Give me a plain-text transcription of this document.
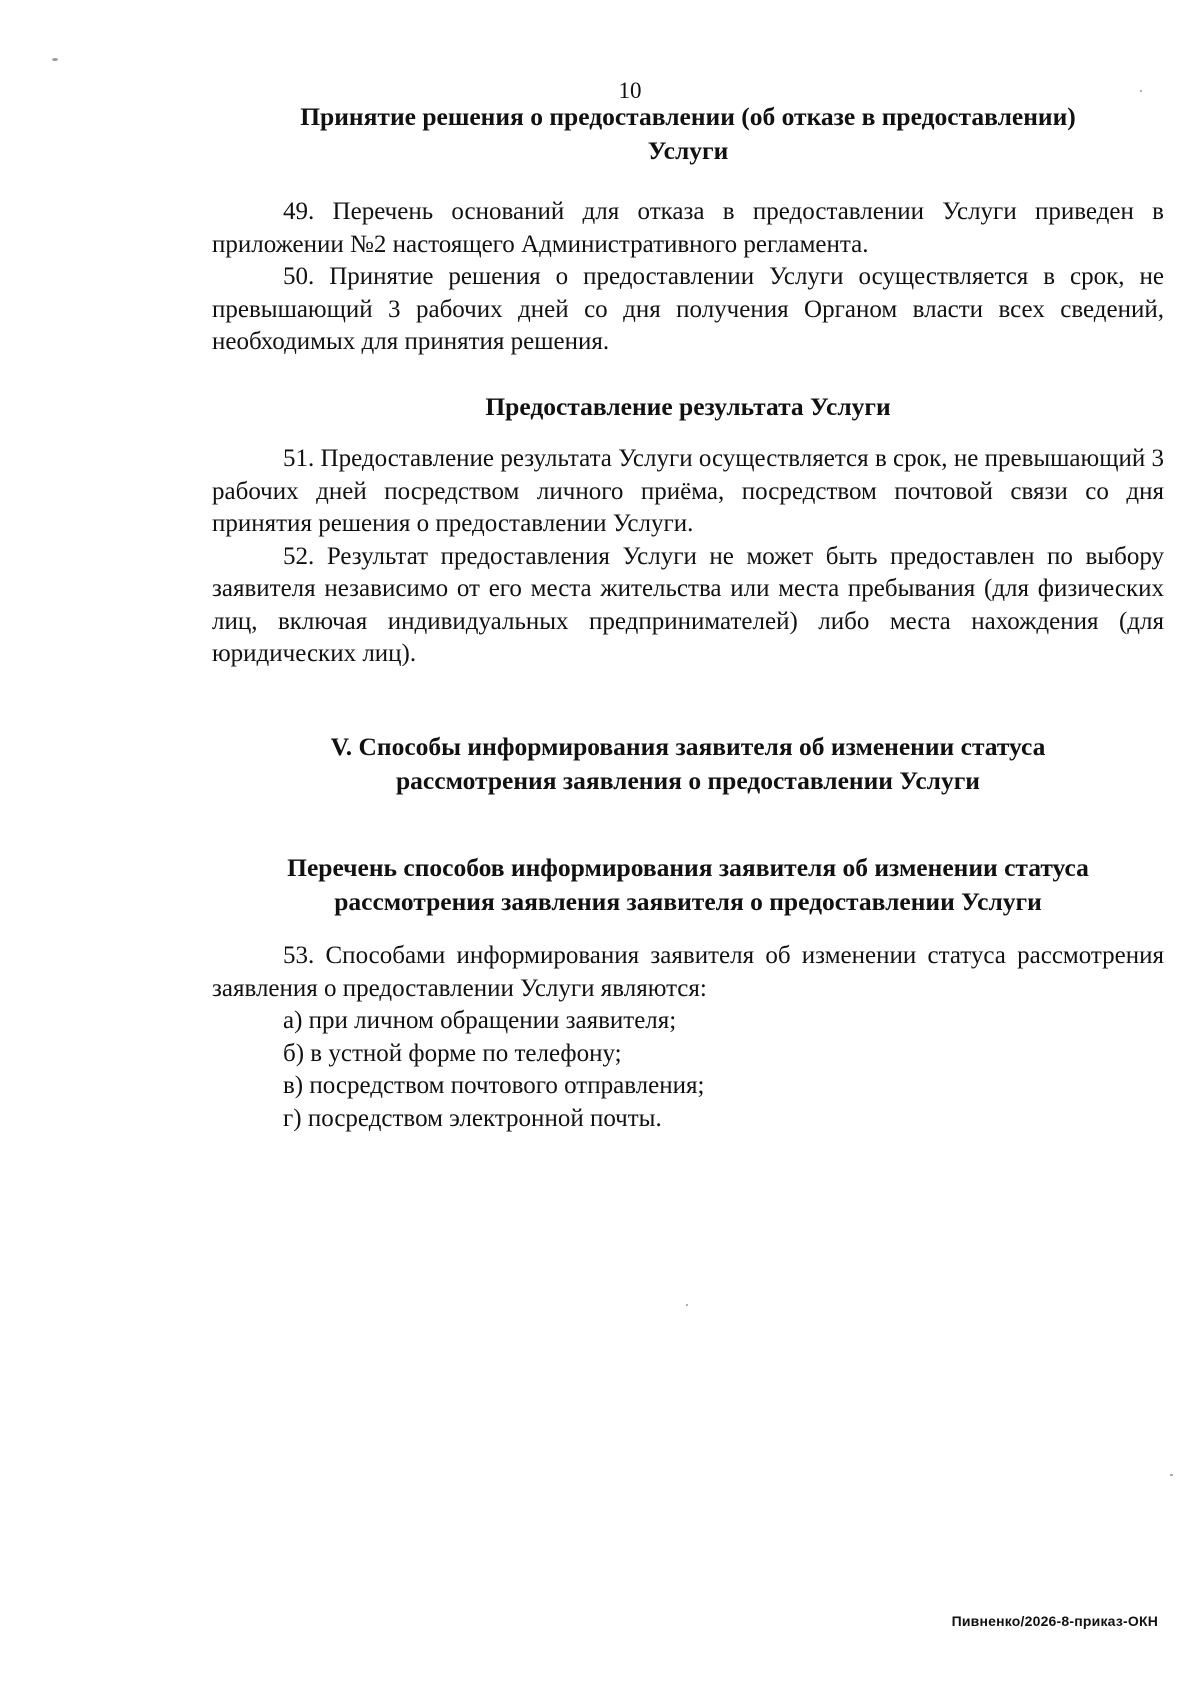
10

Принятие решения о предоставлении (об отказе в предоставлении)
Услуги

49. Перечень оснований для отказа в предоставлении Услуги приведен в приложении №2 настоящего Административного регламента.

50. Принятие решения о предоставлении Услуги осуществляется в срок, не превышающий 3 рабочих дней со дня получения Органом власти всех сведений, необходимых для принятия решения.

Предоставление результата Услуги

51. Предоставление результата Услуги осуществляется в срок, не превышающий 3 рабочих дней посредством личного приёма, посредством почтовой связи со дня принятия решения о предоставлении Услуги.

52. Результат предоставления Услуги не может быть предоставлен по выбору заявителя независимо от его места жительства или места пребывания (для физических лиц, включая индивидуальных предпринимателей) либо места нахождения (для юридических лиц).

V. Способы информирования заявителя об изменении статуса
рассмотрения заявления о предоставлении Услуги

Перечень способов информирования заявителя об изменении статуса
рассмотрения заявления заявителя о предоставлении Услуги

53. Способами информирования заявителя об изменении статуса рассмотрения заявления о предоставлении Услуги являются:

а) при личном обращении заявителя;

б) в устной форме по телефону;

в) посредством почтового отправления;

г) посредством электронной почты.

Пивненко/2026-8-приказ-ОКН
